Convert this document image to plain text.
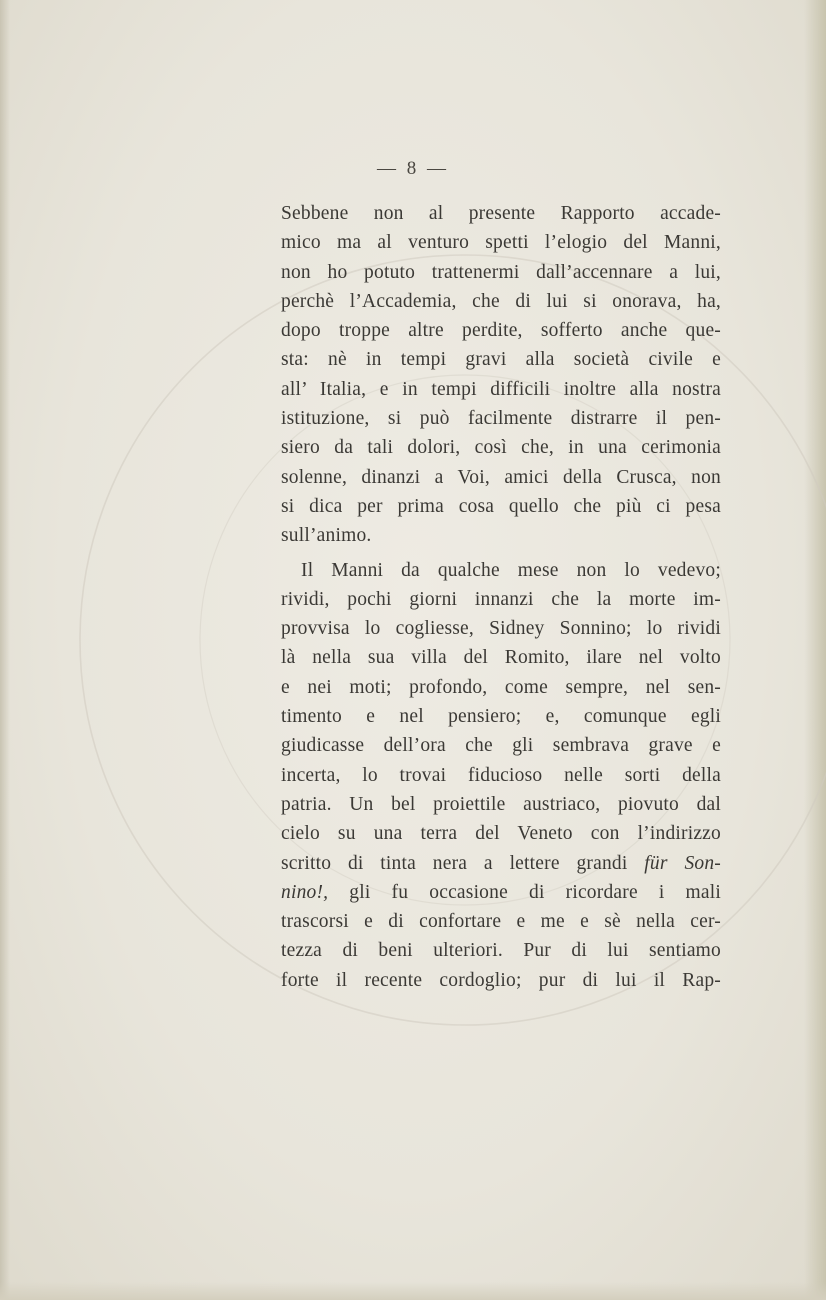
— 8 —
Sebbene non al presente Rapporto accade-
mico ma al venturo spetti l’elogio del Manni,
non ho potuto trattenermi dall’accennare a lui,
perchè l’Accademia, che di lui si onorava, ha,
dopo troppe altre perdite, sofferto anche que-
sta: nè in tempi gravi alla società civile e
all’ Italia, e in tempi difficili inoltre alla nostra
istituzione, si può facilmente distrarre il pen-
siero da tali dolori, così che, in una cerimonia
solenne, dinanzi a Voi, amici della Crusca, non
si dica per prima cosa quello che più ci pesa
sull’animo.
Il Manni da qualche mese non lo vedevo;
rividi, pochi giorni innanzi che la morte im-
provvisa lo cogliesse, Sidney Sonnino; lo rividi
là nella sua villa del Romito, ilare nel volto
e nei moti; profondo, come sempre, nel sen-
timento e nel pensiero; e, comunque egli
giudicasse dell’ora che gli sembrava grave e
incerta, lo trovai fiducioso nelle sorti della
patria. Un bel proiettile austriaco, piovuto dal
cielo su una terra del Veneto con l’indirizzo
scritto di tinta nera a lettere grandi für Son-
nino!, gli fu occasione di ricordare i mali
trascorsi e di confortare e me e sè nella cer-
tezza di beni ulteriori. Pur di lui sentiamo
forte il recente cordoglio; pur di lui il Rap-
